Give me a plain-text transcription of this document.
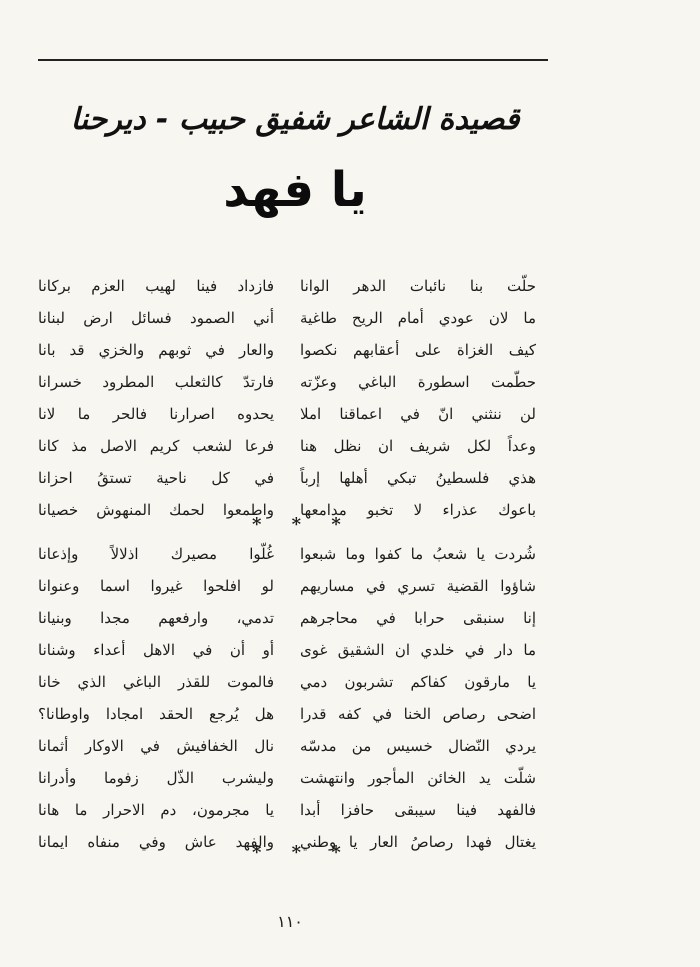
قصيدة الشاعر شفيق حبيب - ديرحنا
يا فهد
حلّت بنا نائبات الدهر الوانا
ما لان عودي أمام الريح طاغية
كيف الغزاة على أعقابهم نكصوا
حطّمت اسطورة الباغي وعزّته
لن ننثني انّ في اعماقنا املا
وعداً لكل شريف ان نظل هنا
هذي فلسطينُ تبكي أهلها إرباً
باعوك عذراء لا تخبو مدامعها
فازداد فينا لهيب العزم بركانا
أني الصمود فسائل ارض لبنانا
والعار في ثوبهم والخزي قد بانا
فارتدّ كالثعلب المطرود خسرانا
يحدوه اصرارنا فالحر ما لانا
فرعا لشعب كريم الاصل مذ كانا
في كل ناحية تستقُ احزانا
واطمعوا لحمك المنهوش خصيانا
* * *
شُردت يا شعبُ ما كفوا وما شبعوا
شاؤوا القضية تسري في مساريهم
إنا سنبقى حرابا في محاجرهم
ما دار في خلدي ان الشقيق غوى
يا مارقون كفاكم تشربون دمي
اضحى رصاص الخنا في كفه قدرا
يردي النّضال خسيس من مدسّه
شلّت يد الخائن المأجور وانتهشت
فالفهد فينا سيبقى حافزا أبدا
يغتال فهدا رصاصُ العار يا وطني
غُلّوا مصيرك اذلالاً وإذعانا
لو افلحوا غيروا اسما وعنوانا
تدمي، وارفعهم مجدا وبنيانا
أو أن في الاهل أعداء وشنانا
فالموت للقذر الباغي الذي خانا
هل يُرجع الحقد امجادا واوطانا؟
نال الخفافيش في الاوكار أثمانا
وليشرب الذّل زفوما وأدرانا
يا مجرمون، دم الاحرار ما هانا
والفهد عاش وفي منفاه ايمانا
* * *
١١٠
